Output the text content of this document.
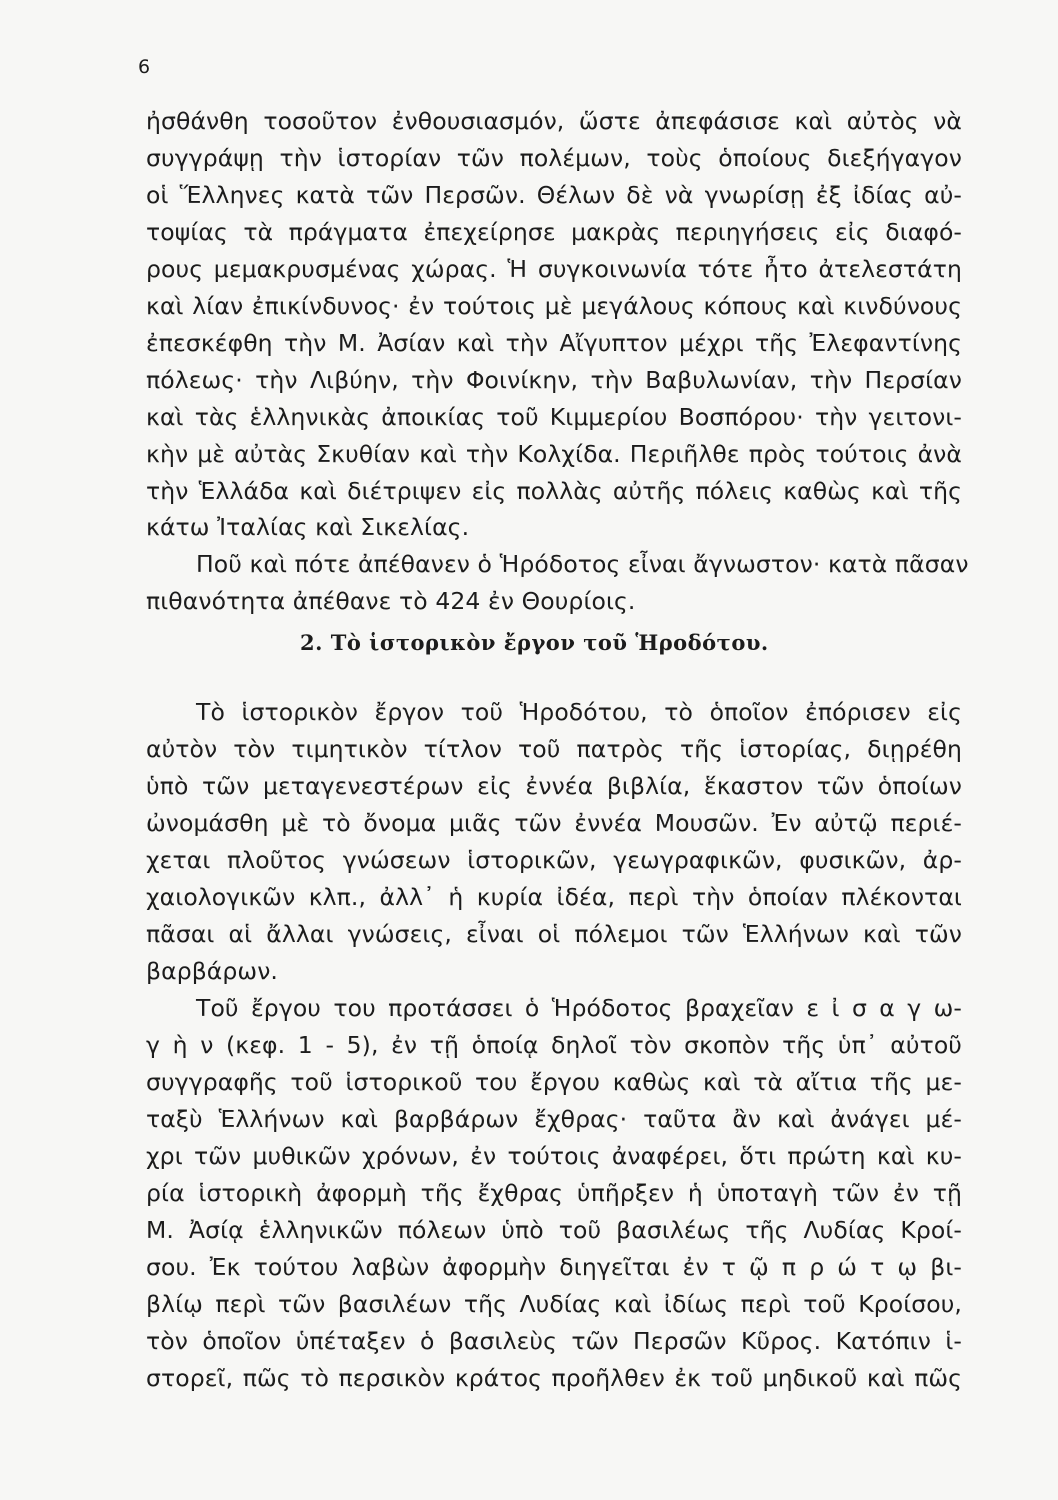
6
ἠσθάνθη τοσοῦτον ἐνθουσιασμόν, ὥστε ἀπεφάσισε καὶ αὐτὸς νὰ
συγγράψῃ τὴν ἱστορίαν τῶν πολέμων, τοὺς ὁποίους διεξήγαγον
οἱ Ἕλληνες κατὰ τῶν Περσῶν. Θέλων δὲ νὰ γνωρίσῃ ἐξ ἰδίας αὐ-
τοψίας τὰ πράγματα ἐπεχείρησε μακρὰς περιηγήσεις εἰς διαφό-
ρους μεμακρυσμένας χώρας. Ἡ συγκοινωνία τότε ἦτο ἀτελεστάτη
καὶ λίαν ἐπικίνδυνος· ἐν τούτοις μὲ μεγάλους κόπους καὶ κινδύνους
ἐπεσκέφθη τὴν Μ. Ἀσίαν καὶ τὴν Αἴγυπτον μέχρι τῆς Ἐλεφαντίνης
πόλεως· τὴν Λιβύην, τὴν Φοινίκην, τὴν Βαβυλωνίαν, τὴν Περσίαν
καὶ τὰς ἑλληνικὰς ἀποικίας τοῦ Κιμμερίου Βοσπόρου· τὴν γειτονι-
κὴν μὲ αὐτὰς Σκυθίαν καὶ τὴν Κολχίδα. Περιῆλθε πρὸς τούτοις ἀνὰ
τὴν Ἑλλάδα καὶ διέτριψεν εἰς πολλὰς αὐτῆς πόλεις καθὼς καὶ τῆς
κάτω Ἰταλίας καὶ Σικελίας.
Ποῦ καὶ πότε ἀπέθανεν ὁ Ἡρόδοτος εἶναι ἄγνωστον· κατὰ πᾶσαν
πιθανότητα ἀπέθανε τὸ 424 ἐν Θουρίοις.
2. Τὸ ἱστορικὸν ἔργον τοῦ Ἡροδότου.
Τὸ ἱστορικὸν ἔργον τοῦ Ἡροδότου, τὸ ὁποῖον ἐπόρισεν εἰς
αὐτὸν τὸν τιμητικὸν τίτλον τοῦ πατρὸς τῆς ἱστορίας, διῃρέθη
ὑπὸ τῶν μεταγενεστέρων εἰς ἐννέα βιβλία, ἕκαστον τῶν ὁποίων
ὠνομάσθη μὲ τὸ ὄνομα μιᾶς τῶν ἐννέα Μουσῶν. Ἐν αὐτῷ περιέ-
χεται πλοῦτος γνώσεων ἱστορικῶν, γεωγραφικῶν, φυσικῶν, ἀρ-
χαιολογικῶν κλπ., ἀλλ᾽ ἡ κυρία ἰδέα, περὶ τὴν ὁποίαν πλέκονται
πᾶσαι αἱ ἄλλαι γνώσεις, εἶναι οἱ πόλεμοι τῶν Ἑλλήνων καὶ τῶν
βαρβάρων.
Τοῦ ἔργου του προτάσσει ὁ Ἡρόδοτος βραχεῖαν ε ἰ σ α γ ω-
γ ὴ ν (κεφ. 1 - 5), ἐν τῇ ὁποίᾳ δηλοῖ τὸν σκοπὸν τῆς ὑπ᾽ αὐτοῦ
συγγραφῆς τοῦ ἱστορικοῦ του ἔργου καθὼς καὶ τὰ αἴτια τῆς με-
ταξὺ Ἑλλήνων καὶ βαρβάρων ἔχθρας· ταῦτα ἂν καὶ ἀνάγει μέ-
χρι τῶν μυθικῶν χρόνων, ἐν τούτοις ἀναφέρει, ὅτι πρώτη καὶ κυ-
ρία ἱστορικὴ ἀφορμὴ τῆς ἔχθρας ὑπῆρξεν ἡ ὑποταγὴ τῶν ἐν τῇ
Μ. Ἀσίᾳ ἑλληνικῶν πόλεων ὑπὸ τοῦ βασιλέως τῆς Λυδίας Κροί-
σου. Ἐκ τούτου λαβὼν ἀφορμὴν διηγεῖται ἐν τ ῷ π ρ ώ τ ῳ βι-
βλίῳ περὶ τῶν βασιλέων τῆς Λυδίας καὶ ἰδίως περὶ τοῦ Κροίσου,
τὸν ὁποῖον ὑπέταξεν ὁ βασιλεὺς τῶν Περσῶν Κῦρος. Κατόπιν ἱ-
στορεῖ, πῶς τὸ περσικὸν κράτος προῆλθεν ἐκ τοῦ μηδικοῦ καὶ πῶς
